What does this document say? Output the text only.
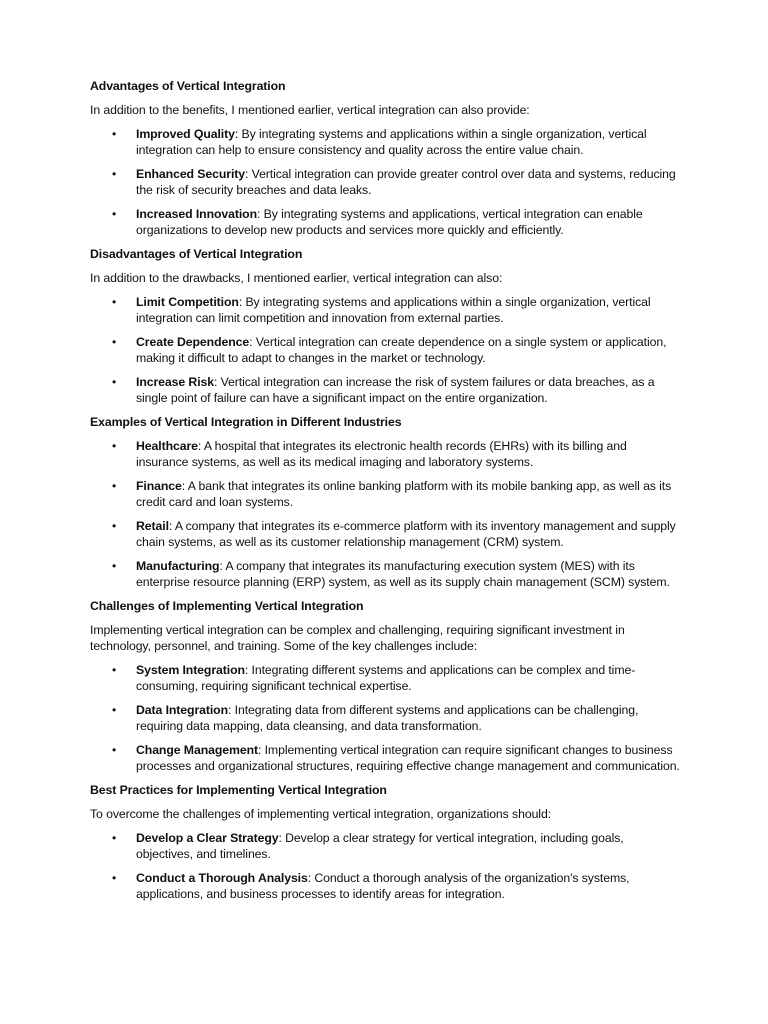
Advantages of Vertical Integration
In addition to the benefits, I mentioned earlier, vertical integration can also provide:
• Improved Quality: By integrating systems and applications within a single organization, vertical integration can help to ensure consistency and quality across the entire value chain.
• Enhanced Security: Vertical integration can provide greater control over data and systems, reducing the risk of security breaches and data leaks.
• Increased Innovation: By integrating systems and applications, vertical integration can enable organizations to develop new products and services more quickly and efficiently.
Disadvantages of Vertical Integration
In addition to the drawbacks, I mentioned earlier, vertical integration can also:
• Limit Competition: By integrating systems and applications within a single organization, vertical integration can limit competition and innovation from external parties.
• Create Dependence: Vertical integration can create dependence on a single system or application, making it difficult to adapt to changes in the market or technology.
• Increase Risk: Vertical integration can increase the risk of system failures or data breaches, as a single point of failure can have a significant impact on the entire organization.
Examples of Vertical Integration in Different Industries
• Healthcare: A hospital that integrates its electronic health records (EHRs) with its billing and insurance systems, as well as its medical imaging and laboratory systems.
• Finance: A bank that integrates its online banking platform with its mobile banking app, as well as its credit card and loan systems.
• Retail: A company that integrates its e-commerce platform with its inventory management and supply chain systems, as well as its customer relationship management (CRM) system.
• Manufacturing: A company that integrates its manufacturing execution system (MES) with its enterprise resource planning (ERP) system, as well as its supply chain management (SCM) system.
Challenges of Implementing Vertical Integration
Implementing vertical integration can be complex and challenging, requiring significant investment in technology, personnel, and training. Some of the key challenges include:
• System Integration: Integrating different systems and applications can be complex and time-consuming, requiring significant technical expertise.
• Data Integration: Integrating data from different systems and applications can be challenging, requiring data mapping, data cleansing, and data transformation.
• Change Management: Implementing vertical integration can require significant changes to business processes and organizational structures, requiring effective change management and communication.
Best Practices for Implementing Vertical Integration
To overcome the challenges of implementing vertical integration, organizations should:
• Develop a Clear Strategy: Develop a clear strategy for vertical integration, including goals, objectives, and timelines.
• Conduct a Thorough Analysis: Conduct a thorough analysis of the organization's systems, applications, and business processes to identify areas for integration.
